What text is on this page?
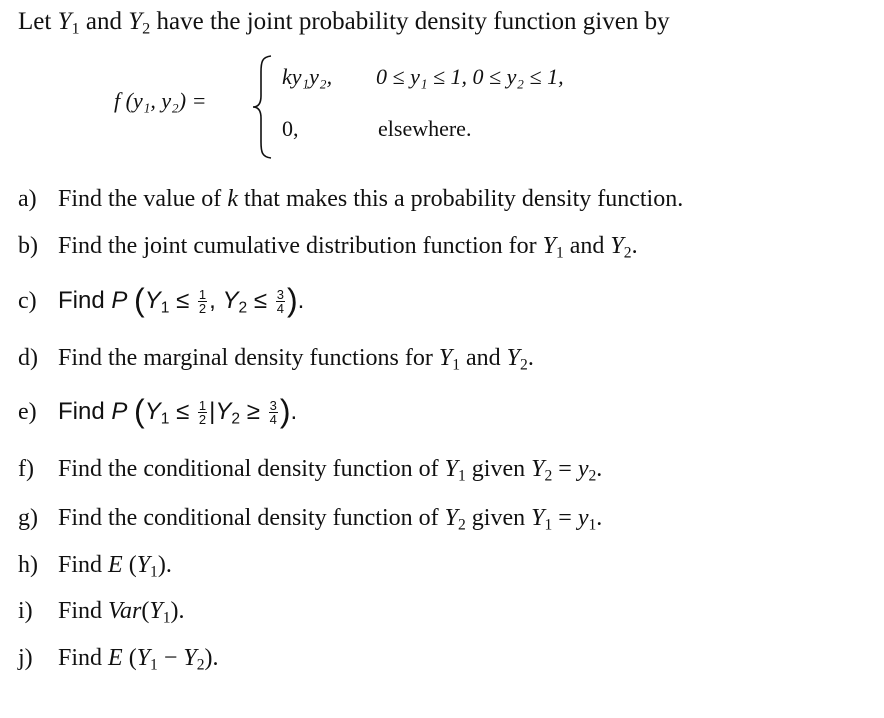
Let $Y_1$ and $Y_2$ have the joint probability density function given by
f (y₁, y₂) =
ky₁y₂, 0 ≤ y₁ ≤ 1, 0 ≤ y₂ ≤ 1,
0,	elsewhere.
a) Find the value of k that makes this a probability density function.
b) Find the joint cumulative distribution function for $Y_1$ and $Y_2$.
c) Find P ($Y_1 \le \frac{1}{2}$ , $Y_2 \le \frac{3}{4}$ ).
d) Find the marginal density functions for $Y_1$ and $Y_2$.
e) Find P ($Y_1 \le \frac{1}{2} |Y_2 \ge \frac{3}{4}$ ).
f) Find the conditional density function of $Y_1$ given $Y_2 = y_2$.
g) Find the conditional density function of $Y_2$ given $Y_1 = y_1$.
h) Find E $(Y_1)$.
i) Find $Var(Y_1)$.
j) Find E $(Y_1 - Y_2)$.
